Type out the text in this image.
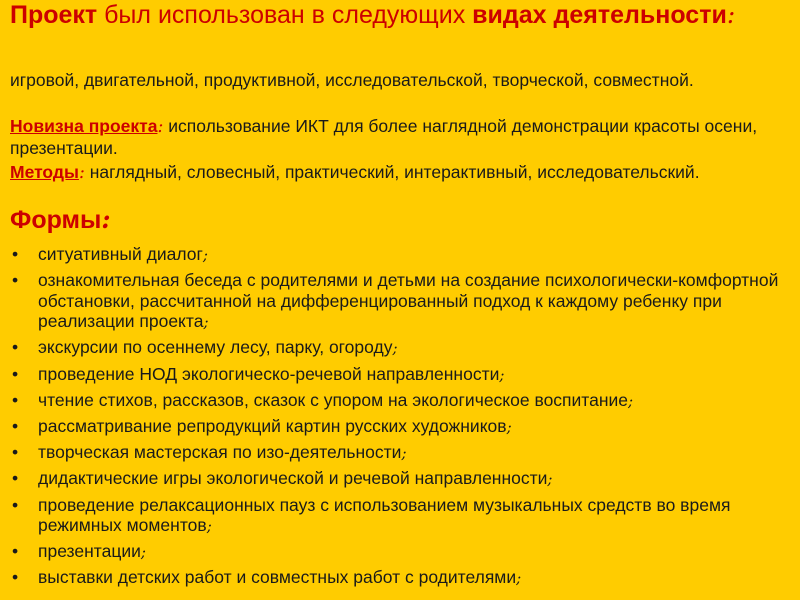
Проект был использован в следующих видах деятельности:
игровой, двигательной, продуктивной, исследовательской, творческой, совместной.
Новизна проекта: использование ИКТ для более наглядной демонстрации красоты осени, презентации.
Методы: наглядный, словесный, практический, интерактивный, исследовательский.
Формы:
• ситуативный диалог;
• ознакомительная беседа с родителями и детьми на создание психологически-комфортной обстановки, рассчитанной на дифференцированный подход к каждому ребенку при реализации проекта;
• экскурсии по осеннему лесу, парку, огороду;
• проведение НОД экологическо-речевой направленности;
• чтение стихов, рассказов, сказок с упором на экологическое воспитание;
• рассматривание репродукций картин русских художников;
• творческая мастерская по изо-деятельности;
• дидактические игры экологической и речевой направленности;
• проведение релаксационных пауз с использованием музыкальных средств во время режимных моментов;
• презентации;
• выставки детских работ и совместных работ с родителями;
